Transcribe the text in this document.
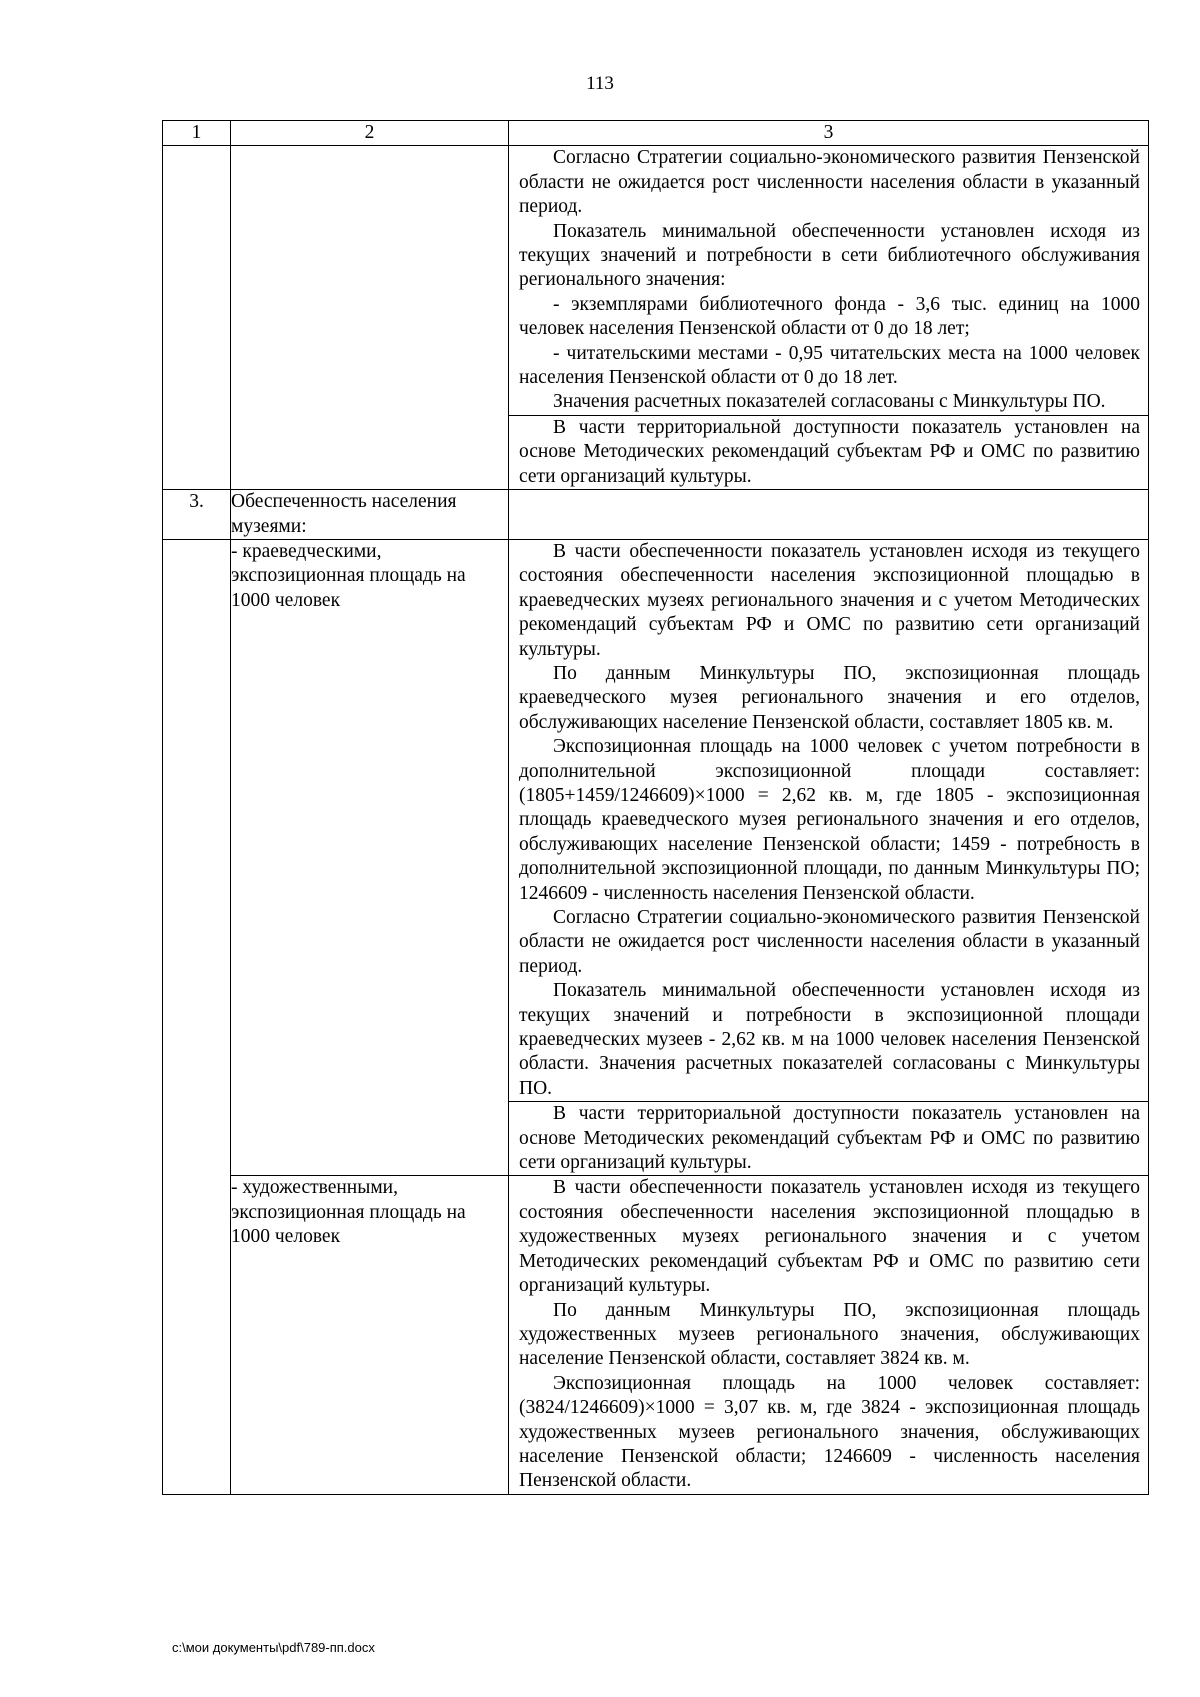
113
1	2	3

		Согласно Стратегии социально-экономического развития Пензенской области не ожидается рост численности населения области в указанный период.

Показатель минимальной обеспеченности установлен исходя из текущих значений и потребности в сети библиотечного обслуживания регионального значения:

- экземплярами библиотечного фонда - 3,6 тыс. единиц на 1000 человек населения Пензенской области от 0 до 18 лет;

- читательскими местами - 0,95 читательских места на 1000 человек населения Пензенской области от 0 до 18 лет.

Значения расчетных показателей согласованы с Минкультуры ПО.

		В части территориальной доступности показатель установлен на основе Методических рекомендаций субъектам РФ и ОМС по развитию сети организаций культуры.

3.	Обеспеченность населения музеями:	
	- краеведческими, экспозиционная площадь на 1000 человек	В части обеспеченности показатель установлен исходя из текущего состояния обеспеченности населения экспозиционной площадью в краеведческих музеях регионального значения и с учетом Методических рекомендаций субъектам РФ и ОМС по развитию сети организаций культуры.

По данным Минкультуры ПО, экспозиционная площадь краеведческого музея регионального значения и его отделов, обслуживающих население Пензенской области, составляет 1805 кв. м.

Экспозиционная площадь на 1000 человек с учетом потребности в дополнительной экспозиционной площади составляет: (1805+1459/1246609)×1000 = 2,62 кв. м, где 1805 - экспозиционная площадь краеведческого музея регионального значения и его отделов, обслуживающих население Пензенской области; 1459 - потребность в дополнительной экспозиционной площади, по данным Минкультуры ПО; 1246609 - численность населения Пензенской области.

Согласно Стратегии социально-экономического развития Пензенской области не ожидается рост численности населения области в указанный период.

Показатель минимальной обеспеченности установлен исходя из текущих значений и потребности в экспозиционной площади краеведческих музеев - 2,62 кв. м на 1000 человек населения Пензенской области. Значения расчетных показателей согласованы с Минкультуры ПО.

		В части территориальной доступности показатель установлен на основе Методических рекомендаций субъектам РФ и ОМС по развитию сети организаций культуры.

	- художественными, экспозиционная площадь на 1000 человек	В части обеспеченности показатель установлен исходя из текущего состояния обеспеченности населения экспозиционной площадью в художественных музеях регионального значения и с учетом Методических рекомендаций субъектам РФ и ОМС по развитию сети организаций культуры.

По данным Минкультуры ПО, экспозиционная площадь художественных музеев регионального значения, обслуживающих население Пензенской области, составляет 3824 кв. м.

Экспозиционная площадь на 1000 человек составляет: (3824/1246609)×1000 = 3,07 кв. м, где 3824 - экспозиционная площадь художественных музеев регионального значения, обслуживающих население Пензенской области; 1246609 - численность населения Пензенской области.

c:\мои документы\pdf\789-пп.docx
